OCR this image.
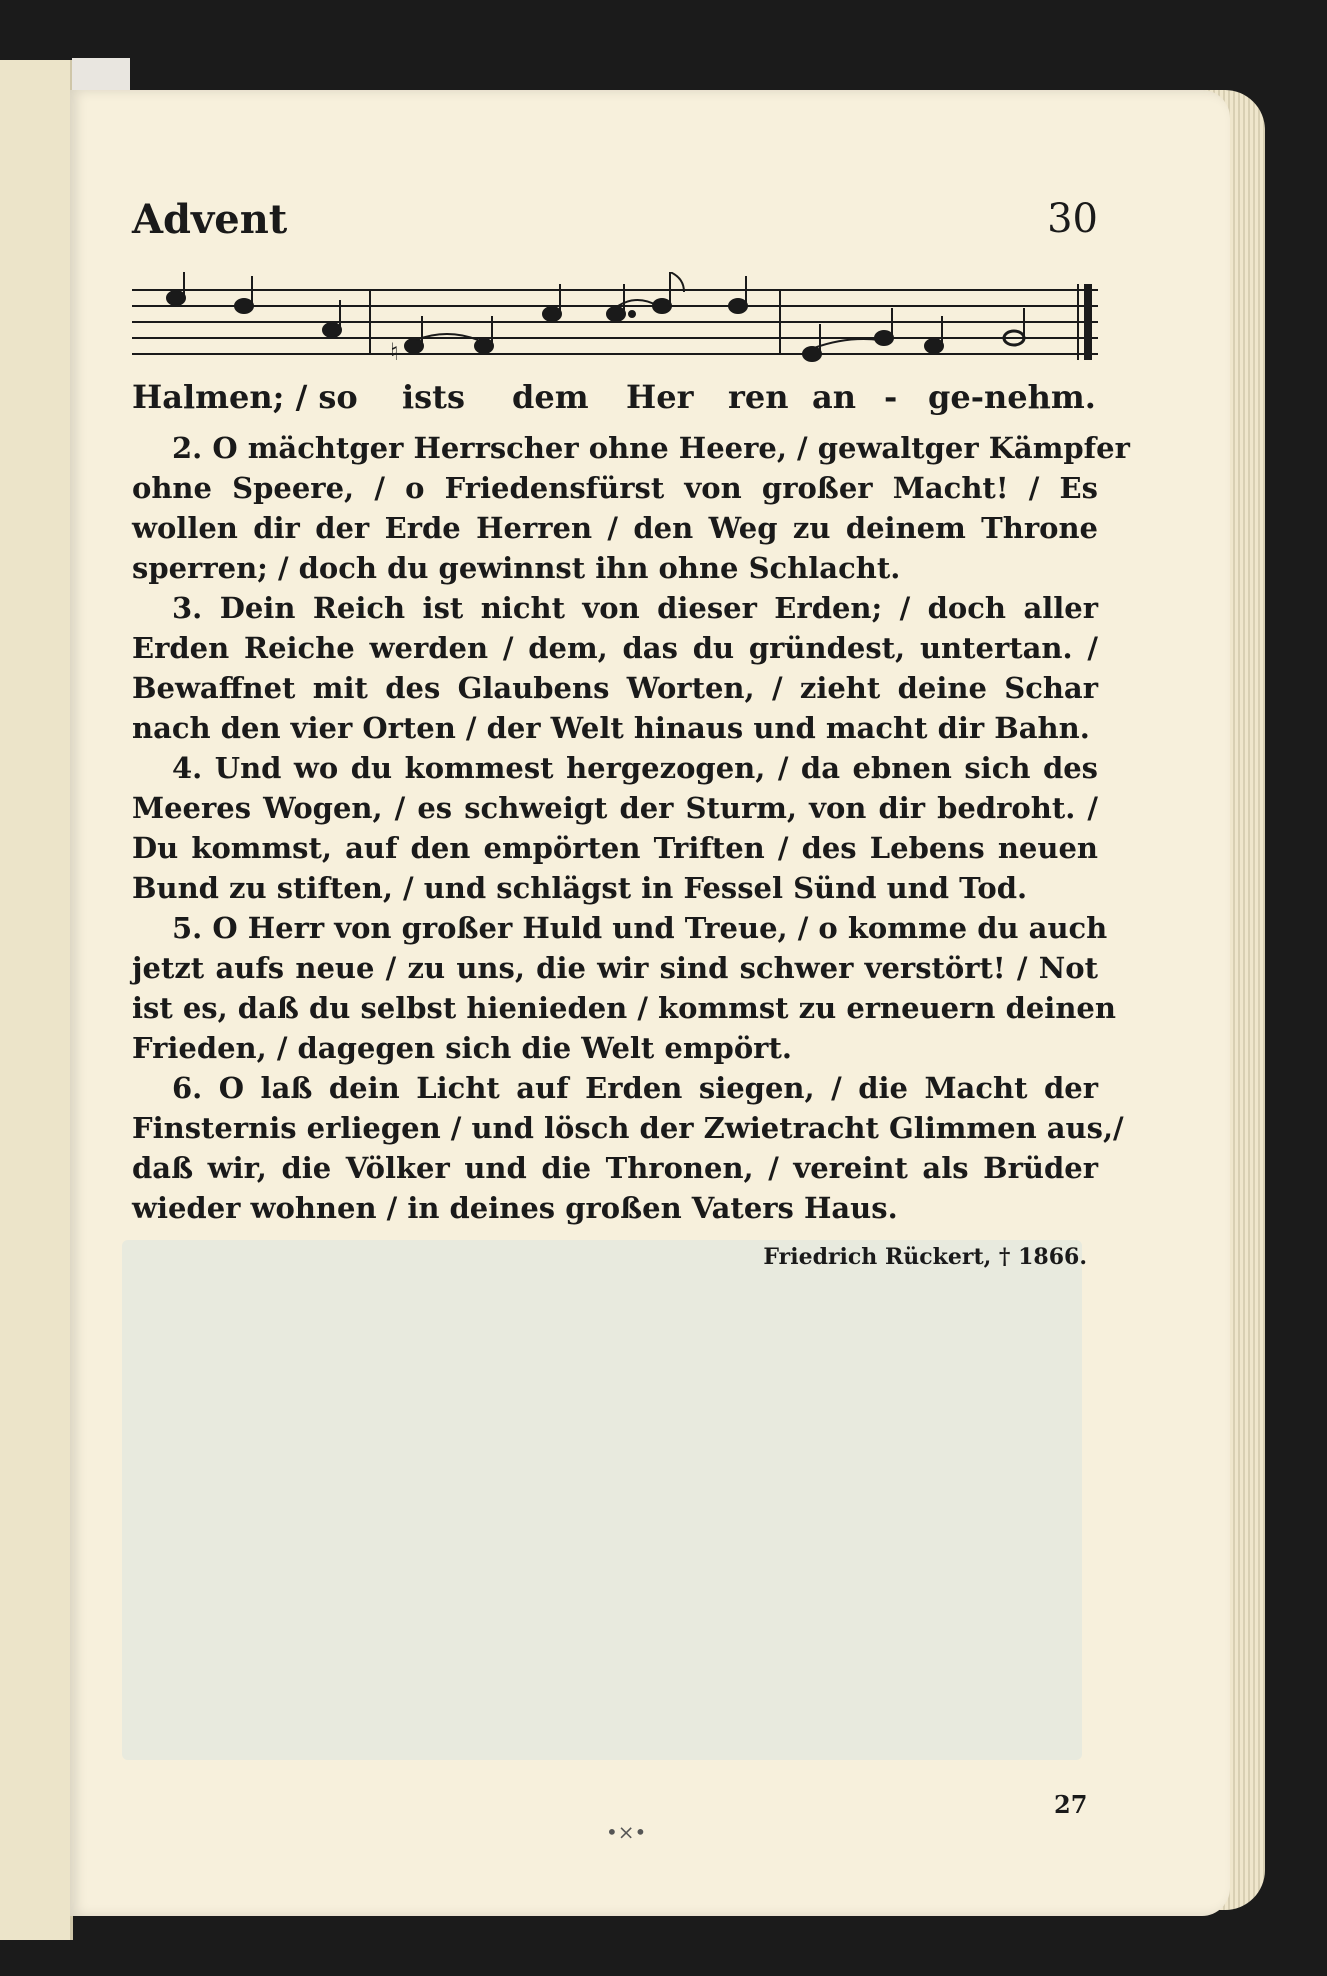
Advent	30
♮
Halmen; / so ists dem Her ren an - ge-nehm.
2. O mächtger Herrscher ohne Heere, / gewaltger Kämpfer
ohne Speere, / o Friedensfürst von großer Macht! / Es
wollen dir der Erde Herren / den Weg zu deinem Throne
sperren; / doch du gewinnst ihn ohne Schlacht.
3. Dein Reich ist nicht von dieser Erden; / doch aller
Erden Reiche werden / dem, das du gründest, untertan. /
Bewaffnet mit des Glaubens Worten, / zieht deine Schar
nach den vier Orten / der Welt hinaus und macht dir Bahn.
4. Und wo du kommest hergezogen, / da ebnen sich des
Meeres Wogen, / es schweigt der Sturm, von dir bedroht. /
Du kommst, auf den empörten Triften / des Lebens neuen
Bund zu stiften, / und schlägst in Fessel Sünd und Tod.
5. O Herr von großer Huld und Treue, / o komme du auch
jetzt aufs neue / zu uns, die wir sind schwer verstört! / Not
ist es, daß du selbst hienieden / kommst zu erneuern deinen
Frieden, / dagegen sich die Welt empört.
6. O laß dein Licht auf Erden siegen, / die Macht der
Finsternis erliegen / und lösch der Zwietracht Glimmen aus,/
daß wir, die Völker und die Thronen, / vereint als Brüder
wieder wohnen / in deines großen Vaters Haus.
Friedrich Rückert, † 1866.
•×•
27
